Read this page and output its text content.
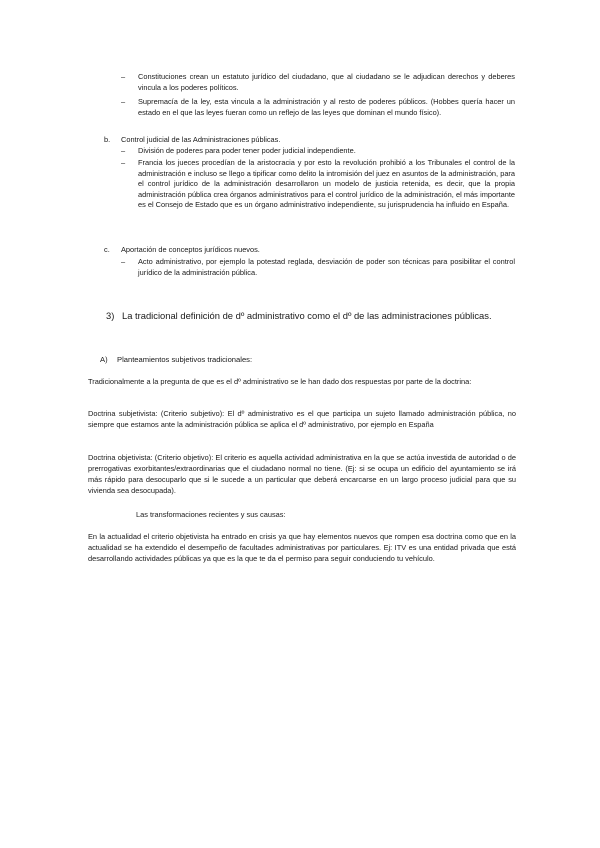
– Constituciones crean un estatuto jurídico del ciudadano, que al ciudadano se le adjudican derechos y deberes vincula a los poderes políticos.
– Supremacía de la ley, esta vincula a la administración y al resto de poderes públicos. (Hobbes quería hacer un estado en el que las leyes fueran como un reflejo de las leyes que dominan el mundo físico).
b. Control judicial de las Administraciones públicas.
– División de poderes para poder tener poder judicial independiente.
– Francia los jueces procedían de la aristocracia y por esto la revolución prohibió a los Tribunales el control de la administración e incluso se llego a tipificar como delito la intromisión del juez en asuntos de la administración, para el control jurídico de la administración desarrollaron un modelo de justicia retenida, es decir, que la propia administración pública crea órganos administrativos para el control jurídico de la administración, el más importante es el Consejo de Estado que es un órgano administrativo independiente, su jurisprudencia ha influido en España.
c. Aportación de conceptos jurídicos nuevos.
– Acto administrativo, por ejemplo la potestad reglada, desviación de poder son técnicas para posibilitar el control jurídico de la administración pública.
3) La tradicional definición de dº administrativo como el dº de las administraciones públicas.
A) Planteamientos subjetivos tradicionales:
Tradicionalmente a la pregunta de que es el dº administrativo se le han dado dos respuestas por parte de la doctrina:
Doctrina subjetivista: (Criterio subjetivo): El dº administrativo es el que participa un sujeto llamado administración pública, no siempre que estamos ante la administración pública se aplica el dº administrativo, por ejemplo en España
Doctrina objetivista: (Criterio objetivo): El criterio es aquella actividad administrativa en la que se actúa investida de autoridad o de prerrogativas exorbitantes/extraordinarias que el ciudadano normal no tiene. (Ej: si se ocupa un edificio del ayuntamiento se irá más rápido para desocuparlo que si le sucede a un particular que deberá encarcarse en un largo proceso judicial para que su vivienda sea desocupada).
Las transformaciones recientes y sus causas:
En la actualidad el criterio objetivista ha entrado en crisis ya que hay elementos nuevos que rompen esa doctrina como que en la actualidad se ha extendido el desempeño de facultades administrativas por particulares. Ej: ITV es una entidad privada que está desarrollando actividades públicas ya que es la que te da el permiso para seguir conduciendo tu vehículo.
